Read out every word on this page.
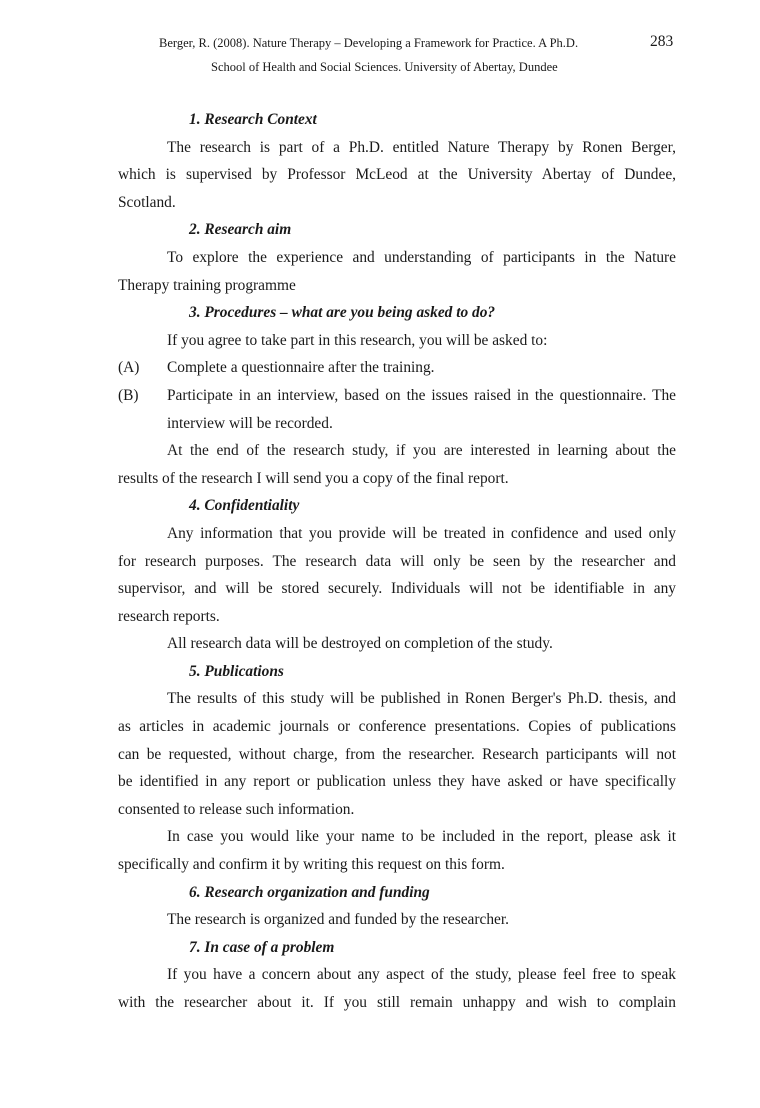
Berger, R. (2008). Nature Therapy – Developing a Framework for Practice. A Ph.D.	283
School of Health and Social Sciences. University of Abertay, Dundee
1. Research Context
The research is part of a Ph.D. entitled Nature Therapy by Ronen Berger,
which is supervised by Professor McLeod at the University Abertay of Dundee,
Scotland.
2. Research aim
To explore the experience and understanding of participants in the Nature
Therapy training programme
3. Procedures – what are you being asked to do?
If you agree to take part in this research, you will be asked to:
(A)	Complete a questionnaire after the training.
(B)	Participate in an interview, based on the issues raised in the questionnaire. The
interview will be recorded.
At the end of the research study, if you are interested in learning about the
results of the research I will send you a copy of the final report.
4. Confidentiality
Any information that you provide will be treated in confidence and used only
for research purposes. The research data will only be seen by the researcher and
supervisor, and will be stored securely. Individuals will not be identifiable in any
research reports.
All research data will be destroyed on completion of the study.
5. Publications
The results of this study will be published in Ronen Berger's Ph.D. thesis, and
as articles in academic journals or conference presentations. Copies of publications
can be requested, without charge, from the researcher. Research participants will not
be identified in any report or publication unless they have asked or have specifically
consented to release such information.
In case you would like your name to be included in the report, please ask it
specifically and confirm it by writing this request on this form.
6. Research organization and funding
The research is organized and funded by the researcher.
7. In case of a problem
If you have a concern about any aspect of the study, please feel free to speak
with the researcher about it. If you still remain unhappy and wish to complain
